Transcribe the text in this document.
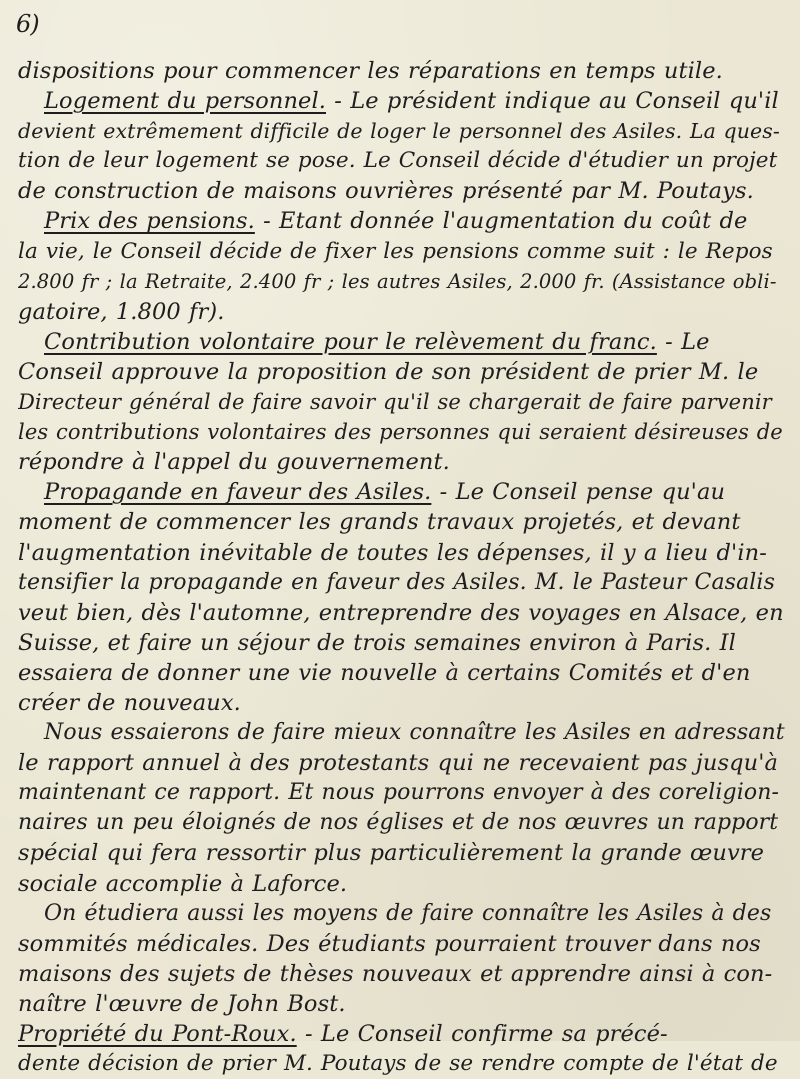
6)
dispositions pour commencer les réparations en temps utile.
Logement du personnel. - Le président indique au Conseil qu'il
devient extrêmement difficile de loger le personnel des Asiles. La ques-
tion de leur logement se pose. Le Conseil décide d'étudier un projet
de construction de maisons ouvrières présenté par M. Poutays.
Prix des pensions. - Etant donnée l'augmentation du coût de
la vie, le Conseil décide de fixer les pensions comme suit : le Repos
2.800 fr ; la Retraite, 2.400 fr ; les autres Asiles, 2.000 fr. (Assistance obli-
gatoire, 1.800 fr).
Contribution volontaire pour le relèvement du franc. - Le
Conseil approuve la proposition de son président de prier M. le
Directeur général de faire savoir qu'il se chargerait de faire parvenir
les contributions volontaires des personnes qui seraient désireuses de
répondre à l'appel du gouvernement.
Propagande en faveur des Asiles. - Le Conseil pense qu'au
moment de commencer les grands travaux projetés, et devant
l'augmentation inévitable de toutes les dépenses, il y a lieu d'in-
tensifier la propagande en faveur des Asiles. M. le Pasteur Casalis
veut bien, dès l'automne, entreprendre des voyages en Alsace, en
Suisse, et faire un séjour de trois semaines environ à Paris. Il
essaiera de donner une vie nouvelle à certains Comités et d'en
créer de nouveaux.
Nous essaierons de faire mieux connaître les Asiles en adressant
le rapport annuel à des protestants qui ne recevaient pas jusqu'à
maintenant ce rapport. Et nous pourrons envoyer à des coreligion-
naires un peu éloignés de nos églises et de nos œuvres un rapport
spécial qui fera ressortir plus particulièrement la grande œuvre
sociale accomplie à Laforce.
On étudiera aussi les moyens de faire connaître les Asiles à des
sommités médicales. Des étudiants pourraient trouver dans nos
maisons des sujets de thèses nouveaux et apprendre ainsi à con-
naître l'œuvre de John Bost.
Propriété du Pont-Roux. - Le Conseil confirme sa précé-
dente décision de prier M. Poutays de se rendre compte de l'état de
